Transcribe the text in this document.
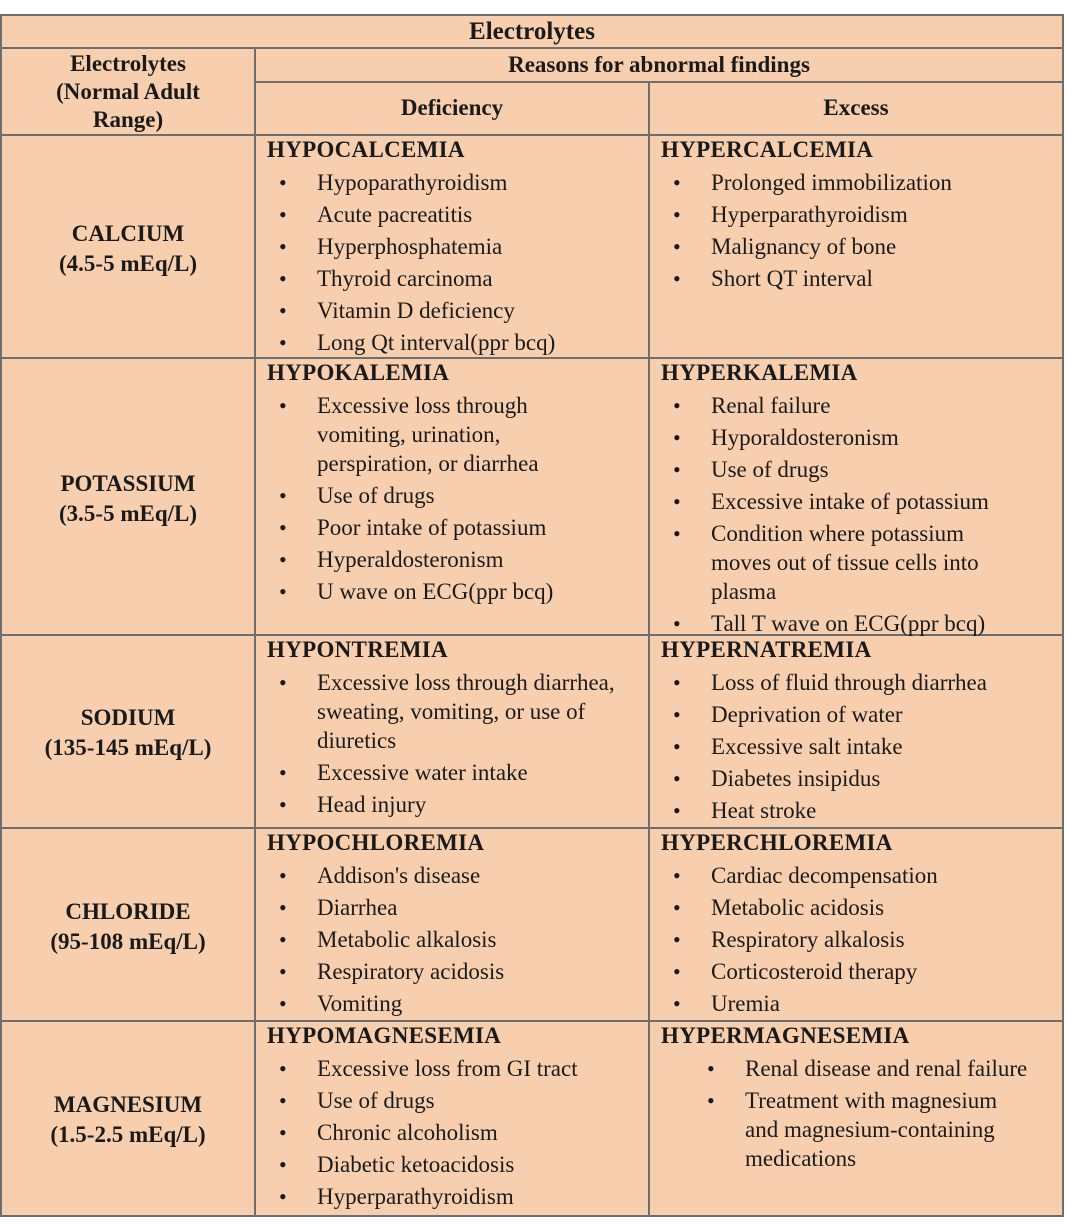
Electrolytes
Electrolytes
(Normal Adult
Range)
Reasons for abnormal findings
Deficiency	Excess
CALCIUM
(4.5-5 mEq/L)
HYPOCALCEMIA
• Hypoparathyroidism
• Acute pacreatitis
• Hyperphosphatemia
• Thyroid carcinoma
• Vitamin D deficiency
• Long Qt interval(ppr bcq)
HYPERCALCEMIA
• Prolonged immobilization
• Hyperparathyroidism
• Malignancy of bone
• Short QT interval
POTASSIUM
(3.5-5 mEq/L)
HYPOKALEMIA
• Excessive loss through
vomiting, urination,
perspiration, or diarrhea
• Use of drugs
• Poor intake of potassium
• Hyperaldosteronism
• U wave on ECG(ppr bcq)
HYPERKALEMIA
• Renal failure
• Hyporaldosteronism
• Use of drugs
• Excessive intake of potassium
• Condition where potassium
moves out of tissue cells into
plasma
• Tall T wave on ECG(ppr bcq)
SODIUM
(135-145 mEq/L)
HYPONTREMIA
• Excessive loss through diarrhea,
sweating, vomiting, or use of
diuretics
• Excessive water intake
• Head injury
HYPERNATREMIA
• Loss of fluid through diarrhea
• Deprivation of water
• Excessive salt intake
• Diabetes insipidus
• Heat stroke
CHLORIDE
(95-108 mEq/L)
HYPOCHLOREMIA
• Addison's disease
• Diarrhea
• Metabolic alkalosis
• Respiratory acidosis
• Vomiting
HYPERCHLOREMIA
• Cardiac decompensation
• Metabolic acidosis
• Respiratory alkalosis
• Corticosteroid therapy
• Uremia
MAGNESIUM
(1.5-2.5 mEq/L)
HYPOMAGNESEMIA
• Excessive loss from GI tract
• Use of drugs
• Chronic alcoholism
• Diabetic ketoacidosis
• Hyperparathyroidism
HYPERMAGNESEMIA
• Renal disease and renal failure
• Treatment with magnesium
and magnesium-containing
medications
